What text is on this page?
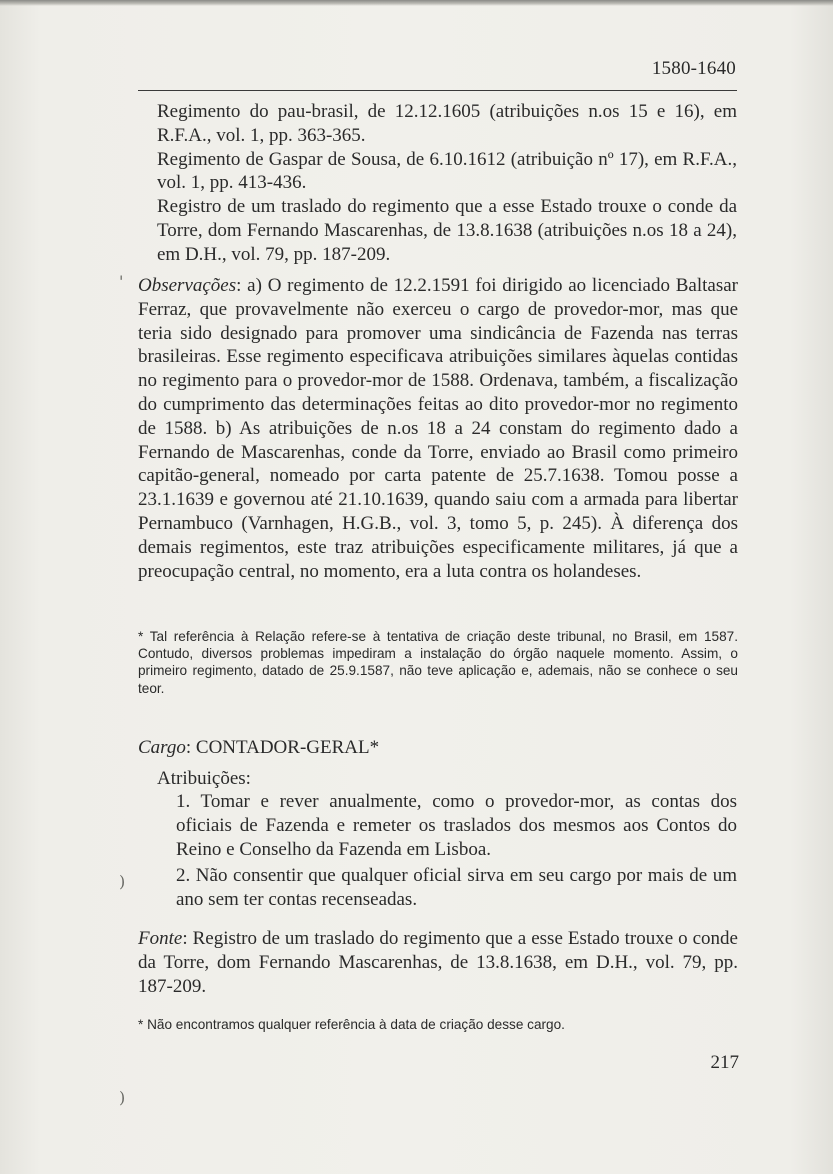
1580-1640
Regimento do pau-brasil, de 12.12.1605 (atribuições n.os 15 e 16), em R.F.A., vol. 1, pp. 363-365.
Regimento de Gaspar de Sousa, de 6.10.1612 (atribuição nº 17), em R.F.A., vol. 1, pp. 413-436.
Registro de um traslado do regimento que a esse Estado trouxe o conde da Torre, dom Fernando Mascarenhas, de 13.8.1638 (atribuições n.os 18 a 24), em D.H., vol. 79, pp. 187-209.
Observações: a) O regimento de 12.2.1591 foi dirigido ao licenciado Baltasar Ferraz, que provavelmente não exerceu o cargo de provedor-mor, mas que teria sido designado para promover uma sindicância de Fazenda nas terras brasileiras. Esse regimento especificava atribuições similares àquelas contidas no regimento para o provedor-mor de 1588. Ordenava, também, a fiscalização do cumprimento das determinações feitas ao dito provedor-mor no regimento de 1588. b) As atribuições de n.os 18 a 24 constam do regimento dado a Fernando de Mascarenhas, conde da Torre, enviado ao Brasil como primeiro capitão-general, nomeado por carta patente de 25.7.1638. Tomou posse a 23.1.1639 e governou até 21.10.1639, quando saiu com a armada para libertar Pernambuco (Varnhagen, H.G.B., vol. 3, tomo 5, p. 245). À diferença dos demais regimentos, este traz atribuições especificamente militares, já que a preocupação central, no momento, era a luta contra os holandeses.
* Tal referência à Relação refere-se à tentativa de criação deste tribunal, no Brasil, em 1587. Contudo, diversos problemas impediram a instalação do órgão naquele momento. Assim, o primeiro regimento, datado de 25.9.1587, não teve aplicação e, ademais, não se conhece o seu teor.
Cargo: CONTADOR-GERAL*
Atribuições:
1. Tomar e rever anualmente, como o provedor-mor, as contas dos oficiais de Fazenda e remeter os traslados dos mesmos aos Contos do Reino e Conselho da Fazenda em Lisboa.
2. Não consentir que qualquer oficial sirva em seu cargo por mais de um ano sem ter contas recenseadas.
Fonte: Registro de um traslado do regimento que a esse Estado trouxe o conde da Torre, dom Fernando Mascarenhas, de 13.8.1638, em D.H., vol. 79, pp. 187-209.
* Não encontramos qualquer referência à data de criação desse cargo.
217
'
)
)
